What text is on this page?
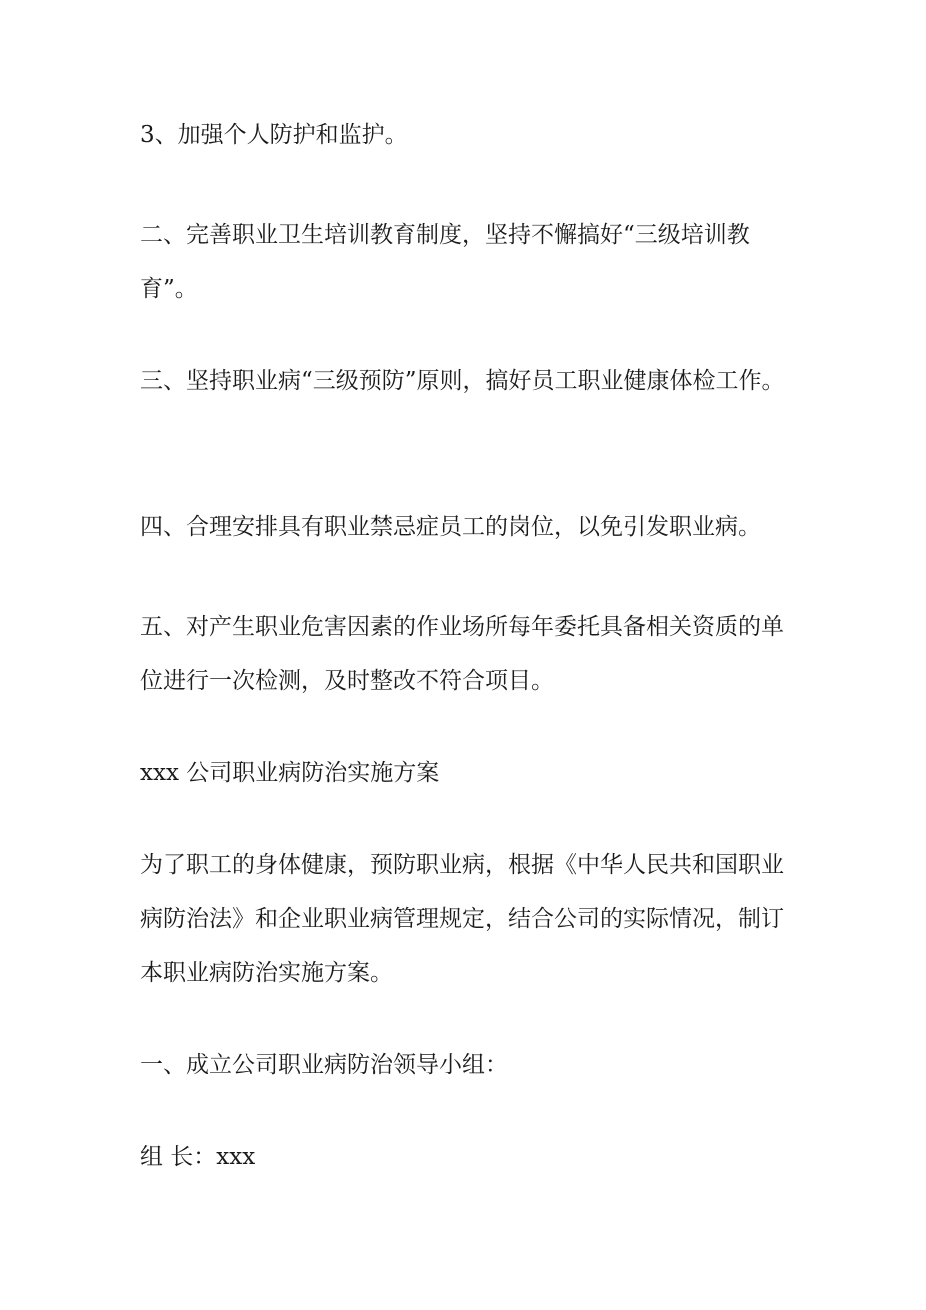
3、加强个人防护和监护。

二、完善职业卫生培训教育制度，坚持不懈搞好“三级培训教育”。

三、坚持职业病“三级预防”原则，搞好员工职业健康体检工作。

四、合理安排具有职业禁忌症员工的岗位，以免引发职业病。

五、对产生职业危害因素的作业场所每年委托具备相关资质的单位进行一次检测，及时整改不符合项目。

xxx 公司职业病防治实施方案

为了职工的身体健康，预防职业病，根据《中华人民共和国职业病防治法》和企业职业病管理规定，结合公司的实际情况，制订本职业病防治实施方案。

一、成立公司职业病防治领导小组：

组 长：xxx
